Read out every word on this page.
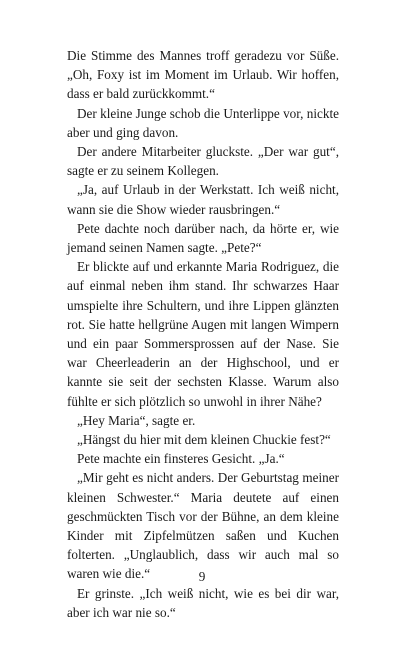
Die Stimme des Mannes troff geradezu vor Süße. „Oh, Foxy ist im Moment im Urlaub. Wir hoffen, dass er bald zurückkommt.“

Der kleine Junge schob die Unterlippe vor, nickte aber und ging davon.

Der andere Mitarbeiter gluckste. „Der war gut“, sagte er zu seinem Kollegen.

„Ja, auf Urlaub in der Werkstatt. Ich weiß nicht, wann sie die Show wieder rausbringen.“

Pete dachte noch darüber nach, da hörte er, wie jemand seinen Namen sagte. „Pete?“

Er blickte auf und erkannte Maria Rodriguez, die auf einmal neben ihm stand. Ihr schwarzes Haar umspielte ihre Schultern, und ihre Lippen glänzten rot. Sie hatte hellgrüne Augen mit langen Wimpern und ein paar Sommersprossen auf der Nase. Sie war Cheerleaderin an der Highschool, und er kannte sie seit der sechsten Klasse. Warum also fühlte er sich plötzlich so unwohl in ihrer Nähe?

„Hey Maria“, sagte er.

„Hängst du hier mit dem kleinen Chuckie fest?“

Pete machte ein finsteres Gesicht. „Ja.“

„Mir geht es nicht anders. Der Geburtstag meiner kleinen Schwester.“ Maria deutete auf einen geschmückten Tisch vor der Bühne, an dem kleine Kinder mit Zipfelmützen saßen und Kuchen folterten. „Unglaublich, dass wir auch mal so waren wie die.“

Er grinste. „Ich weiß nicht, wie es bei dir war, aber ich war nie so.“

9
